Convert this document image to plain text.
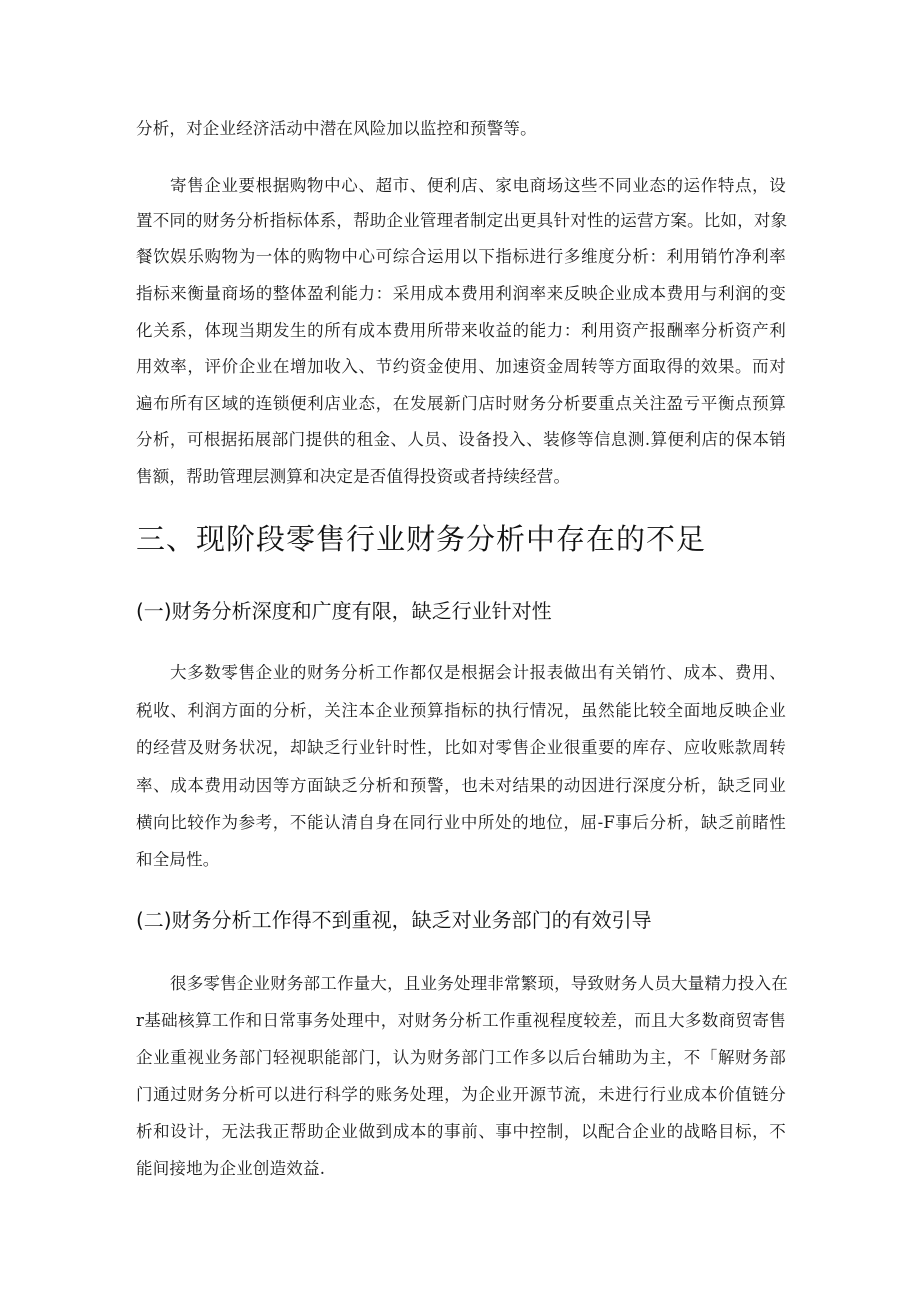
分析，对企业经济活动中潜在风险加以监控和预警等。
寄售企业要根据购物中心、超市、便利店、家电商场这些不同业态的运作特点，设
置不同的财务分析指标体系，帮助企业管理者制定出更具针对性的运营方案。比如，对象
餐饮娱乐购物为一体的购物中心可综合运用以下指标进行多维度分析：利用销竹净利率
指标来衡量商场的整体盈利能力：采用成本费用利润率来反映企业成本费用与利润的变
化关系，体现当期发生的所有成本费用所带来收益的能力：利用资产报酬率分析资产利
用效率，评价企业在增加收入、节约资金使用、加速资金周转等方面取得的效果。而对
遍布所有区域的连锁便利店业态，在发展新门店时财务分析要重点关注盈亏平衡点预算
分析，可根据拓展部门提供的租金、人员、设备投入、装修等信息测.算便利店的保本销
售额，帮助管理层测算和决定是否值得投资或者持续经营。
三、现阶段零售行业财务分析中存在的不足
(一)财务分析深度和广度有限，缺乏行业针对性
大多数零售企业的财务分析工作都仅是根据会计报表做出有关销竹、成本、费用、
税收、利润方面的分析，关注本企业预算指标的执行情况，虽然能比较全面地反映企业
的经营及财务状况，却缺乏行业针时性，比如对零售企业很重要的库存、应收账款周转
率、成本费用动因等方面缺乏分析和预警，也未对结果的动因进行深度分析，缺乏同业
横向比较作为参考，不能认清自身在同行业中所处的地位，屈-F事后分析，缺乏前睹性
和全局性。
(二)财务分析工作得不到重视，缺乏对业务部门的有效引导
很多零售企业财务部工作量大，且业务处理非常繁顼，导致财务人员大量精力投入在
r基础核算工作和日常事务处理中，对财务分析工作重视程度较差，而且大多数商贸寄售
企业重视业务部门轻视职能部门，认为财务部门工作多以后台辅助为主，不「解财务部
门通过财务分析可以进行科学的账务处理，为企业开源节流，未进行行业成本价值链分
析和设计，无法我正帮助企业做到成本的事前、事中控制，以配合企业的战略目标，不
能间接地为企业创造效益.
